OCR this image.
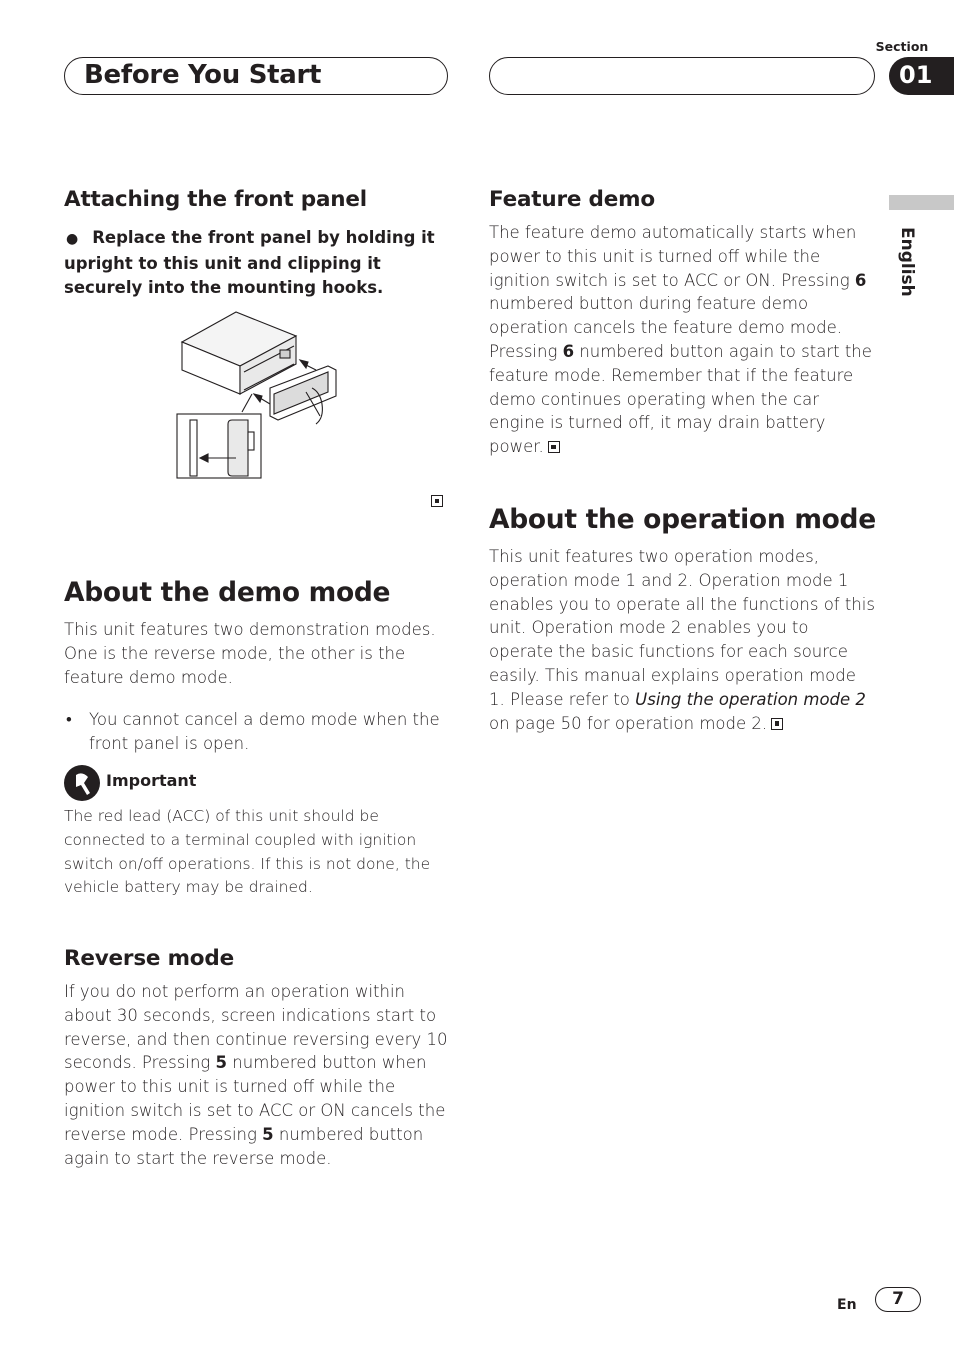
Before You Start
Section
01
English
Attaching the front panel
● Replace the front panel by holding it upright to this unit and clipping it securely into the mounting hooks.
About the demo mode
This unit features two demonstration modes. One is the reverse mode, the other is the feature demo mode.
• You cannot cancel a demo mode when the front panel is open.
Important
The red lead (ACC) of this unit should be connected to a terminal coupled with ignition switch on/off operations. If this is not done, the vehicle battery may be drained.
Reverse mode
If you do not perform an operation within about 30 seconds, screen indications start to reverse, and then continue reversing every 10 seconds. Pressing 5 numbered button when power to this unit is turned off while the ignition switch is set to ACC or ON cancels the reverse mode. Pressing 5 numbered button again to start the reverse mode.
Feature demo
The feature demo automatically starts when power to this unit is turned off while the ignition switch is set to ACC or ON. Pressing 6 numbered button during feature demo operation cancels the feature demo mode. Pressing 6 numbered button again to start the feature mode. Remember that if the feature demo continues operating when the car engine is turned off, it may drain battery power.
About the operation mode
This unit features two operation modes, operation mode 1 and 2. Operation mode 1 enables you to operate all the functions of this unit. Operation mode 2 enables you to operate the basic functions for each source easily. This manual explains operation mode 1. Please refer to Using the operation mode 2 on page 50 for operation mode 2.
En	7
